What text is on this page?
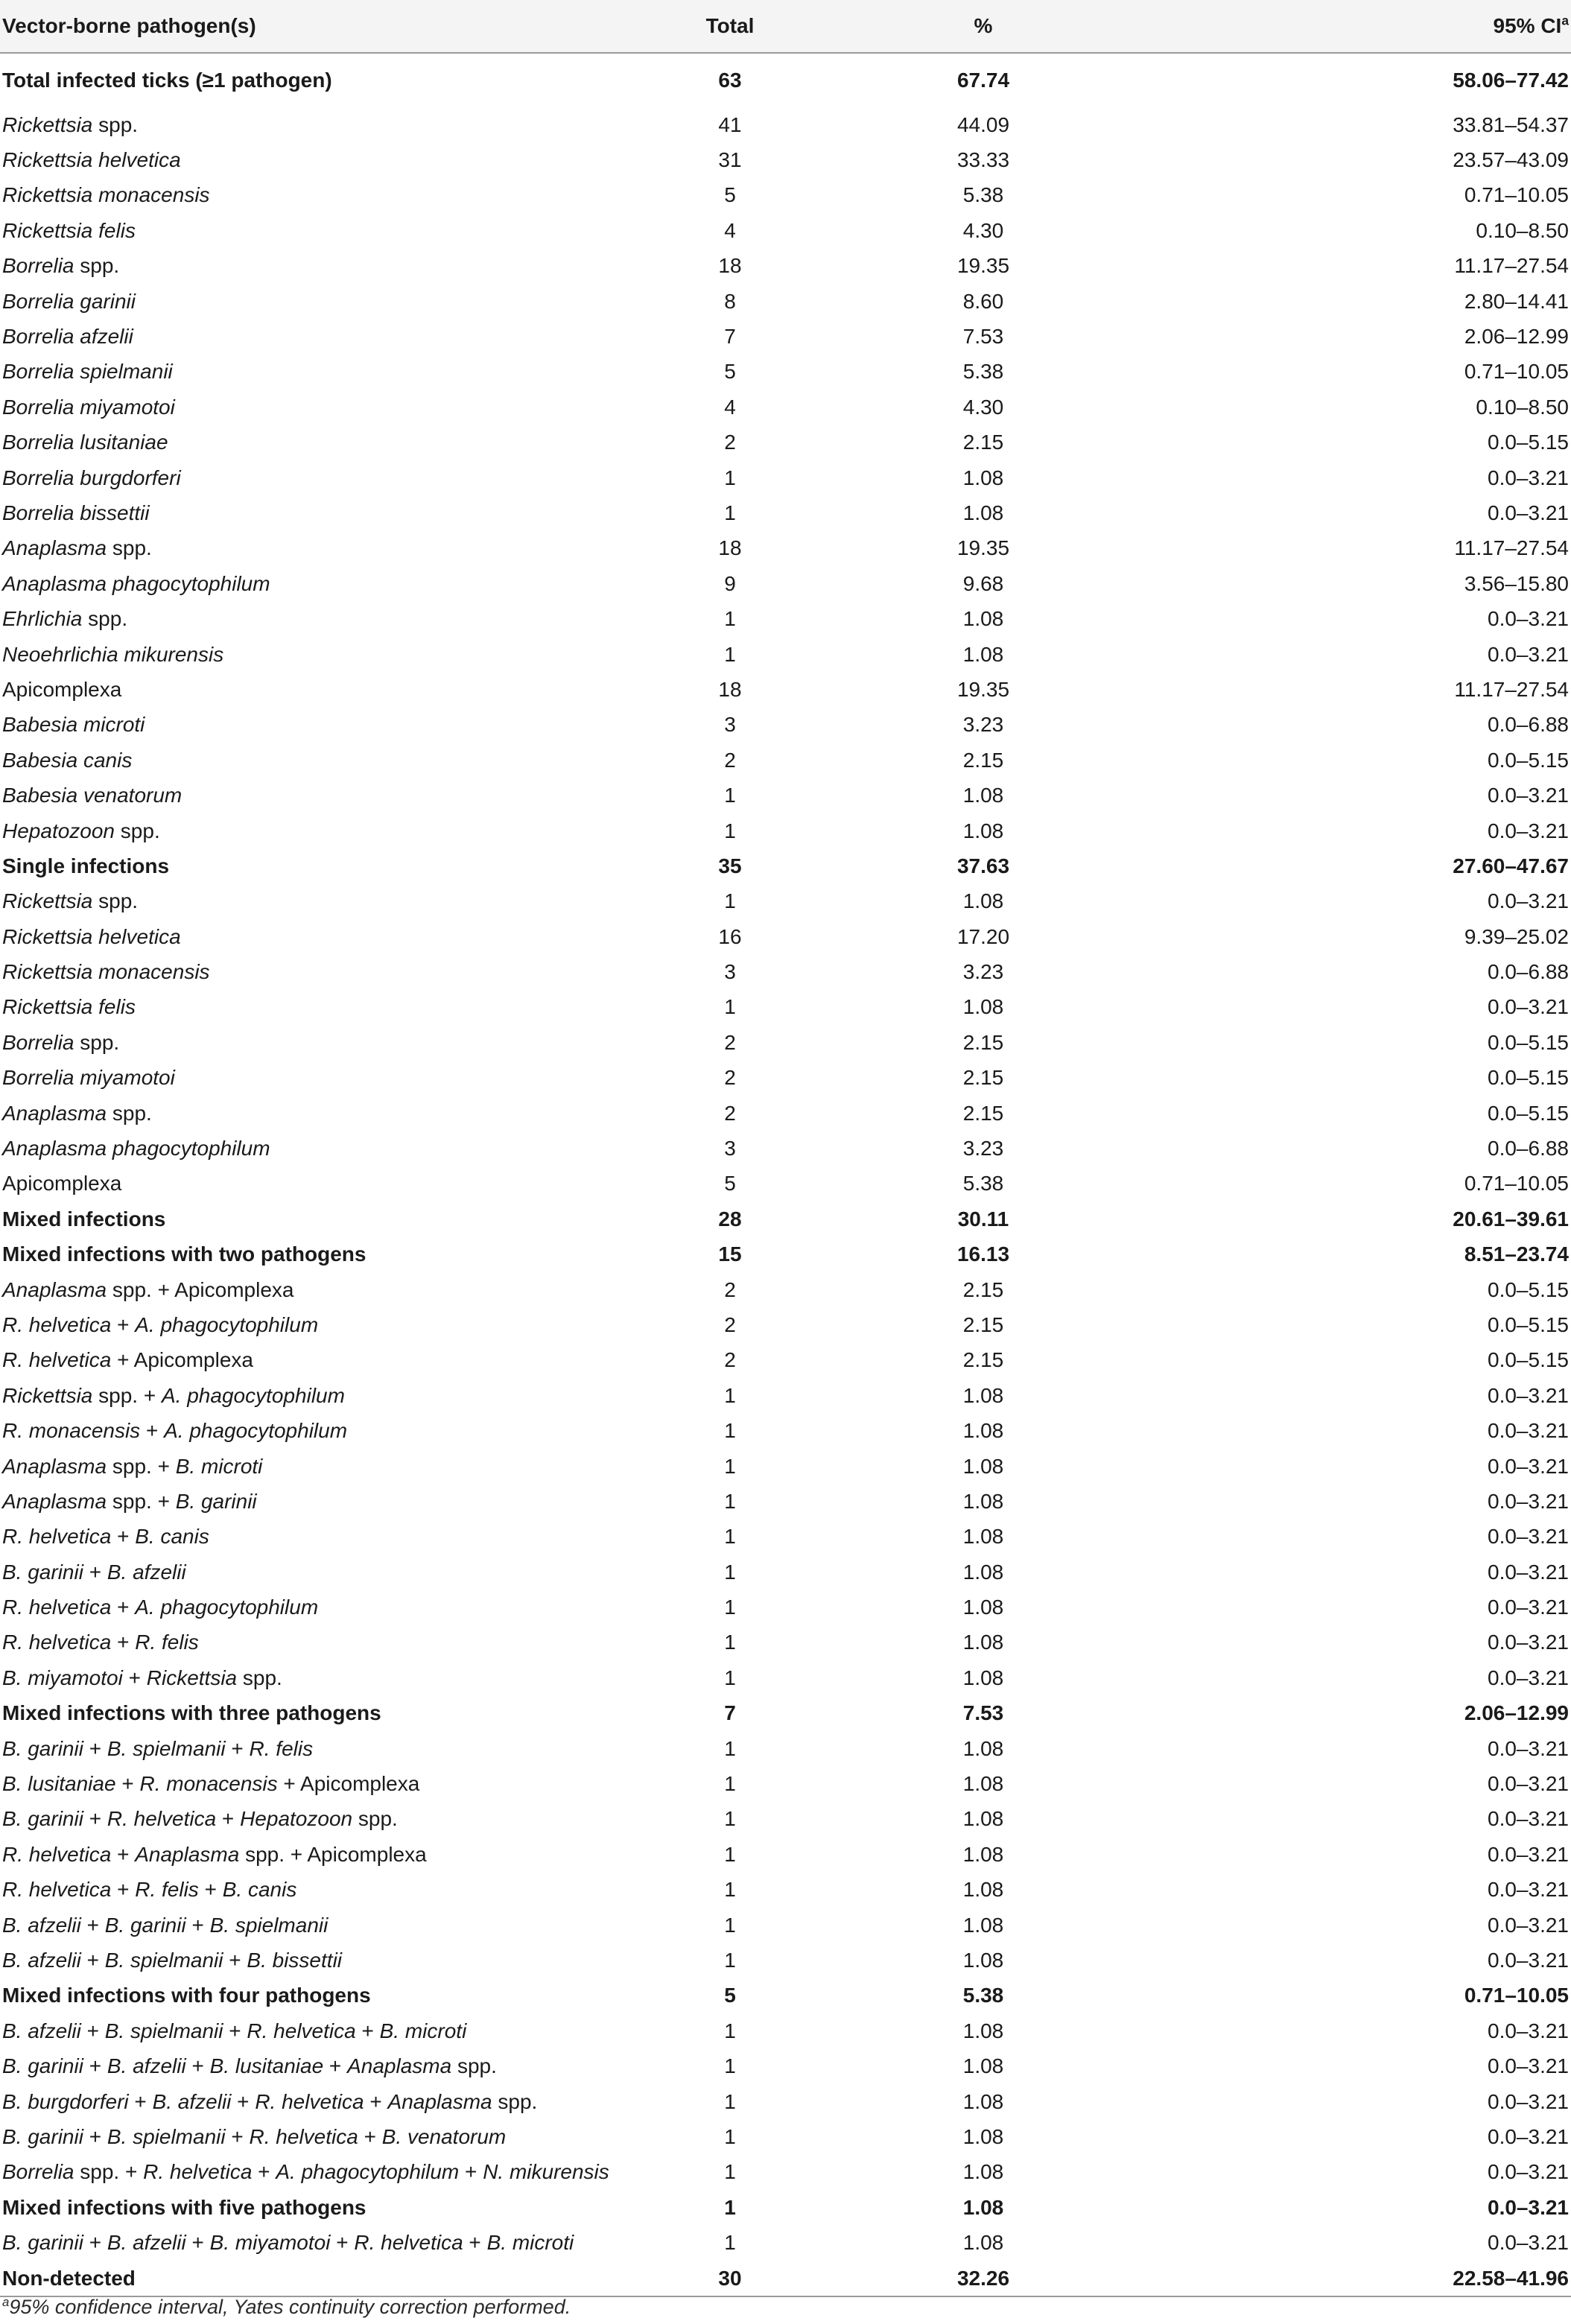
Vector-borne pathogen(s)	Total	%	95% $CI^a$
Total infected ticks (≥1 pathogen)	63	67.74	58.06–77.42
Rickettsia spp.	41	44.09	33.81–54.37
Rickettsia helvetica	31	33.33	23.57–43.09
Rickettsia monacensis	5	5.38	0.71–10.05
Rickettsia felis	4	4.30	0.10–8.50
Borrelia spp.	18	19.35	11.17–27.54
Borrelia garinii	8	8.60	2.80–14.41
Borrelia afzelii	7	7.53	2.06–12.99
Borrelia spielmanii	5	5.38	0.71–10.05
Borrelia miyamotoi	4	4.30	0.10–8.50
Borrelia lusitaniae	2	2.15	0.0–5.15
Borrelia burgdorferi	1	1.08	0.0–3.21
Borrelia bissettii	1	1.08	0.0–3.21
Anaplasma spp.	18	19.35	11.17–27.54
Anaplasma phagocytophilum	9	9.68	3.56–15.80
Ehrlichia spp.	1	1.08	0.0–3.21
Neoehrlichia mikurensis	1	1.08	0.0–3.21
Apicomplexa	18	19.35	11.17–27.54
Babesia microti	3	3.23	0.0–6.88
Babesia canis	2	2.15	0.0–5.15
Babesia venatorum	1	1.08	0.0–3.21
Hepatozoon spp.	1	1.08	0.0–3.21
Single infections	35	37.63	27.60–47.67
Rickettsia spp.	1	1.08	0.0–3.21
Rickettsia helvetica	16	17.20	9.39–25.02
Rickettsia monacensis	3	3.23	0.0–6.88
Rickettsia felis	1	1.08	0.0–3.21
Borrelia spp.	2	2.15	0.0–5.15
Borrelia miyamotoi	2	2.15	0.0–5.15
Anaplasma spp.	2	2.15	0.0–5.15
Anaplasma phagocytophilum	3	3.23	0.0–6.88
Apicomplexa	5	5.38	0.71–10.05
Mixed infections	28	30.11	20.61–39.61
Mixed infections with two pathogens	15	16.13	8.51–23.74
Anaplasma spp. + Apicomplexa	2	2.15	0.0–5.15
R. helvetica + A. phagocytophilum	2	2.15	0.0–5.15
R. helvetica + Apicomplexa	2	2.15	0.0–5.15
Rickettsia spp. + A. phagocytophilum	1	1.08	0.0–3.21
R. monacensis + A. phagocytophilum	1	1.08	0.0–3.21
Anaplasma spp. + B. microti	1	1.08	0.0–3.21
Anaplasma spp. + B. garinii	1	1.08	0.0–3.21
R. helvetica + B. canis	1	1.08	0.0–3.21
B. garinii + B. afzelii	1	1.08	0.0–3.21
R. helvetica + A. phagocytophilum	1	1.08	0.0–3.21
R. helvetica + R. felis	1	1.08	0.0–3.21
B. miyamotoi + Rickettsia spp.	1	1.08	0.0–3.21
Mixed infections with three pathogens	7	7.53	2.06–12.99
B. garinii + B. spielmanii + R. felis	1	1.08	0.0–3.21
B. lusitaniae + R. monacensis + Apicomplexa	1	1.08	0.0–3.21
B. garinii + R. helvetica + Hepatozoon spp.	1	1.08	0.0–3.21
R. helvetica + Anaplasma spp. + Apicomplexa	1	1.08	0.0–3.21
R. helvetica + R. felis + B. canis	1	1.08	0.0–3.21
B. afzelii + B. garinii + B. spielmanii	1	1.08	0.0–3.21
B. afzelii + B. spielmanii + B. bissettii	1	1.08	0.0–3.21
Mixed infections with four pathogens	5	5.38	0.71–10.05
B. afzelii + B. spielmanii + R. helvetica + B. microti	1	1.08	0.0–3.21
B. garinii + B. afzelii + B. lusitaniae + Anaplasma spp.	1	1.08	0.0–3.21
B. burgdorferi + B. afzelii + R. helvetica + Anaplasma spp.	1	1.08	0.0–3.21
B. garinii + B. spielmanii + R. helvetica + B. venatorum	1	1.08	0.0–3.21
Borrelia spp. + R. helvetica + A. phagocytophilum + N. mikurensis	1	1.08	0.0–3.21
Mixed infections with five pathogens	1	1.08	0.0–3.21
B. garinii + B. afzelii + B. miyamotoi + R. helvetica + B. microti	1	1.08	0.0–3.21
Non-detected	30	32.26	22.58–41.96
$^a$95% confidence interval, Yates continuity correction performed.
